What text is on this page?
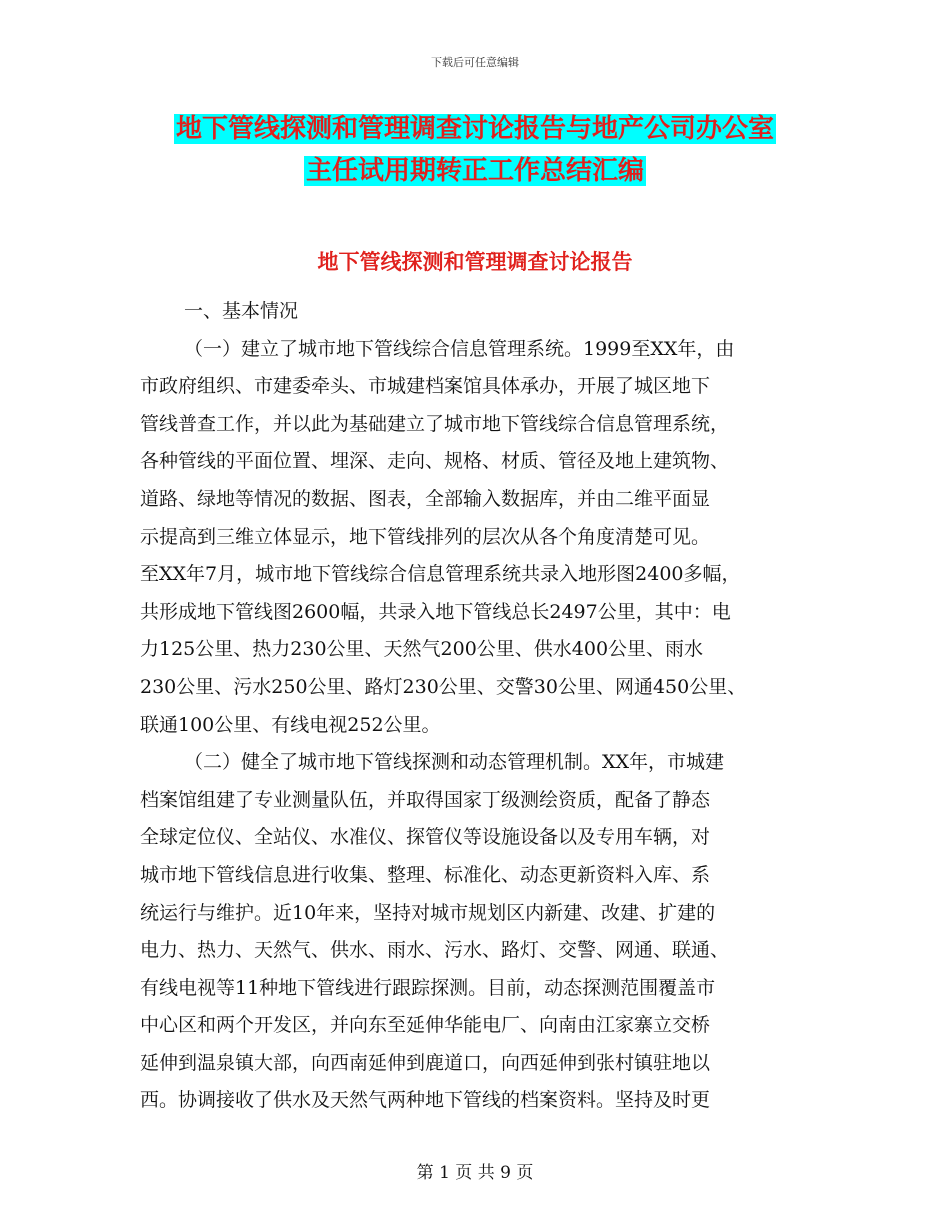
下载后可任意编辑
地下管线探测和管理调查讨论报告与地产公司办公室
主任试用期转正工作总结汇编
地下管线探测和管理调查讨论报告
一、基本情况
（一）建立了城市地下管线综合信息管理系统。1999至XX年，由
市政府组织、市建委牵头、市城建档案馆具体承办，开展了城区地下
管线普查工作，并以此为基础建立了城市地下管线综合信息管理系统，
各种管线的平面位置、埋深、走向、规格、材质、管径及地上建筑物、
道路、绿地等情况的数据、图表，全部输入数据库，并由二维平面显
示提高到三维立体显示，地下管线排列的层次从各个角度清楚可见。
至XX年7月，城市地下管线综合信息管理系统共录入地形图2400多幅，
共形成地下管线图2600幅，共录入地下管线总长2497公里，其中：电
力125公里、热力230公里、天然气200公里、供水400公里、雨水
230公里、污水250公里、路灯230公里、交警30公里、网通450公里、
联通100公里、有线电视252公里。
（二）健全了城市地下管线探测和动态管理机制。XX年，市城建
档案馆组建了专业测量队伍，并取得国家丁级测绘资质，配备了静态
全球定位仪、全站仪、水准仪、探管仪等设施设备以及专用车辆，对
城市地下管线信息进行收集、整理、标准化、动态更新资料入库、系
统运行与维护。近10年来，坚持对城市规划区内新建、改建、扩建的
电力、热力、天然气、供水、雨水、污水、路灯、交警、网通、联通、
有线电视等11种地下管线进行跟踪探测。目前，动态探测范围覆盖市
中心区和两个开发区，并向东至延伸华能电厂、向南由江家寨立交桥
延伸到温泉镇大部，向西南延伸到鹿道口，向西延伸到张村镇驻地以
西。协调接收了供水及天然气两种地下管线的档案资料。坚持及时更
第 1 页 共 9 页
